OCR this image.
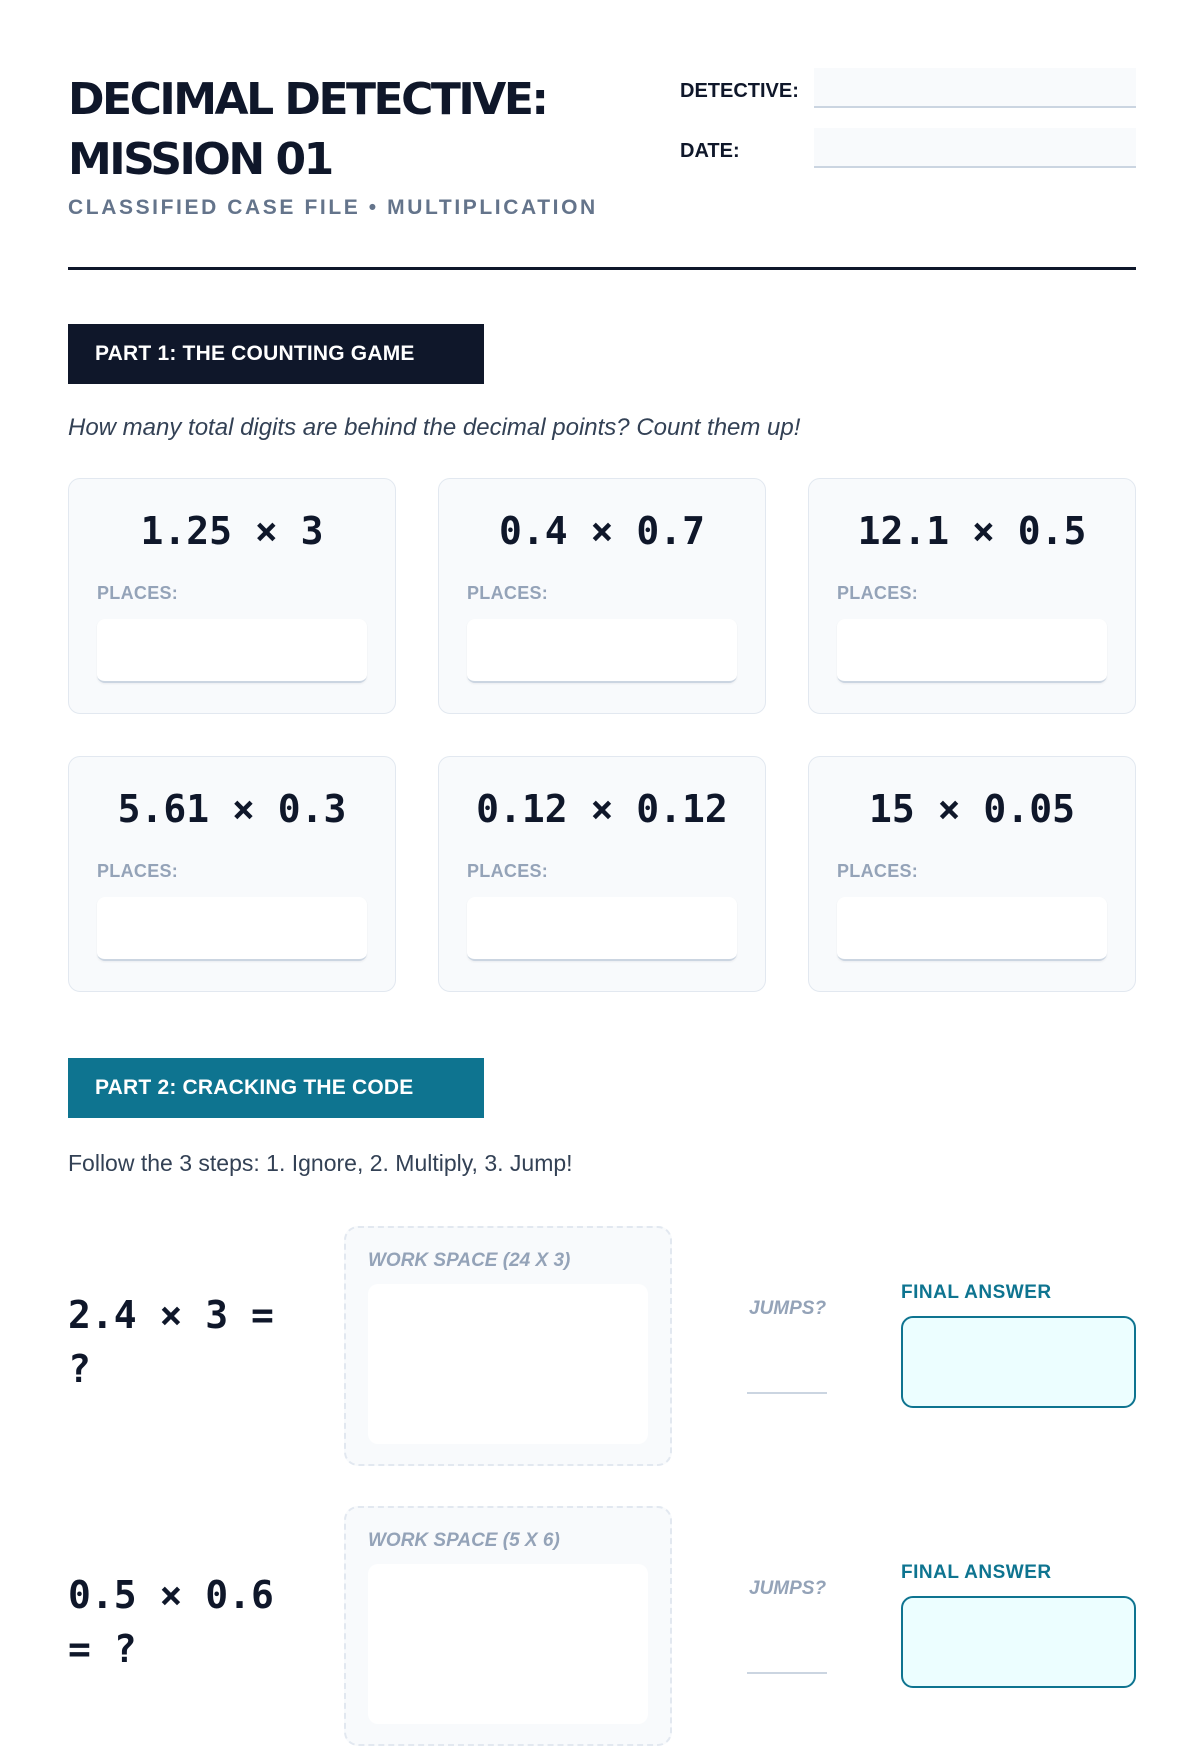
DECIMAL DETECTIVE: MISSION 01
CLASSIFIED CASE FILE • MULTIPLICATION
DETECTIVE:
DATE:
PART 1: THE COUNTING GAME
How many total digits are behind the decimal points? Count them up!
1.25 × 3
PLACES:
0.4 × 0.7
PLACES:
12.1 × 0.5
PLACES:
5.61 × 0.3
PLACES:
0.12 × 0.12
PLACES:
15 × 0.05
PLACES:
PART 2: CRACKING THE CODE
Follow the 3 steps: 1. Ignore, 2. Multiply, 3. Jump!
2.4 × 3 = ?
WORK SPACE (24 X 3)
JUMPS?
FINAL ANSWER
0.5 × 0.6 = ?
WORK SPACE (5 X 6)
JUMPS?
FINAL ANSWER
